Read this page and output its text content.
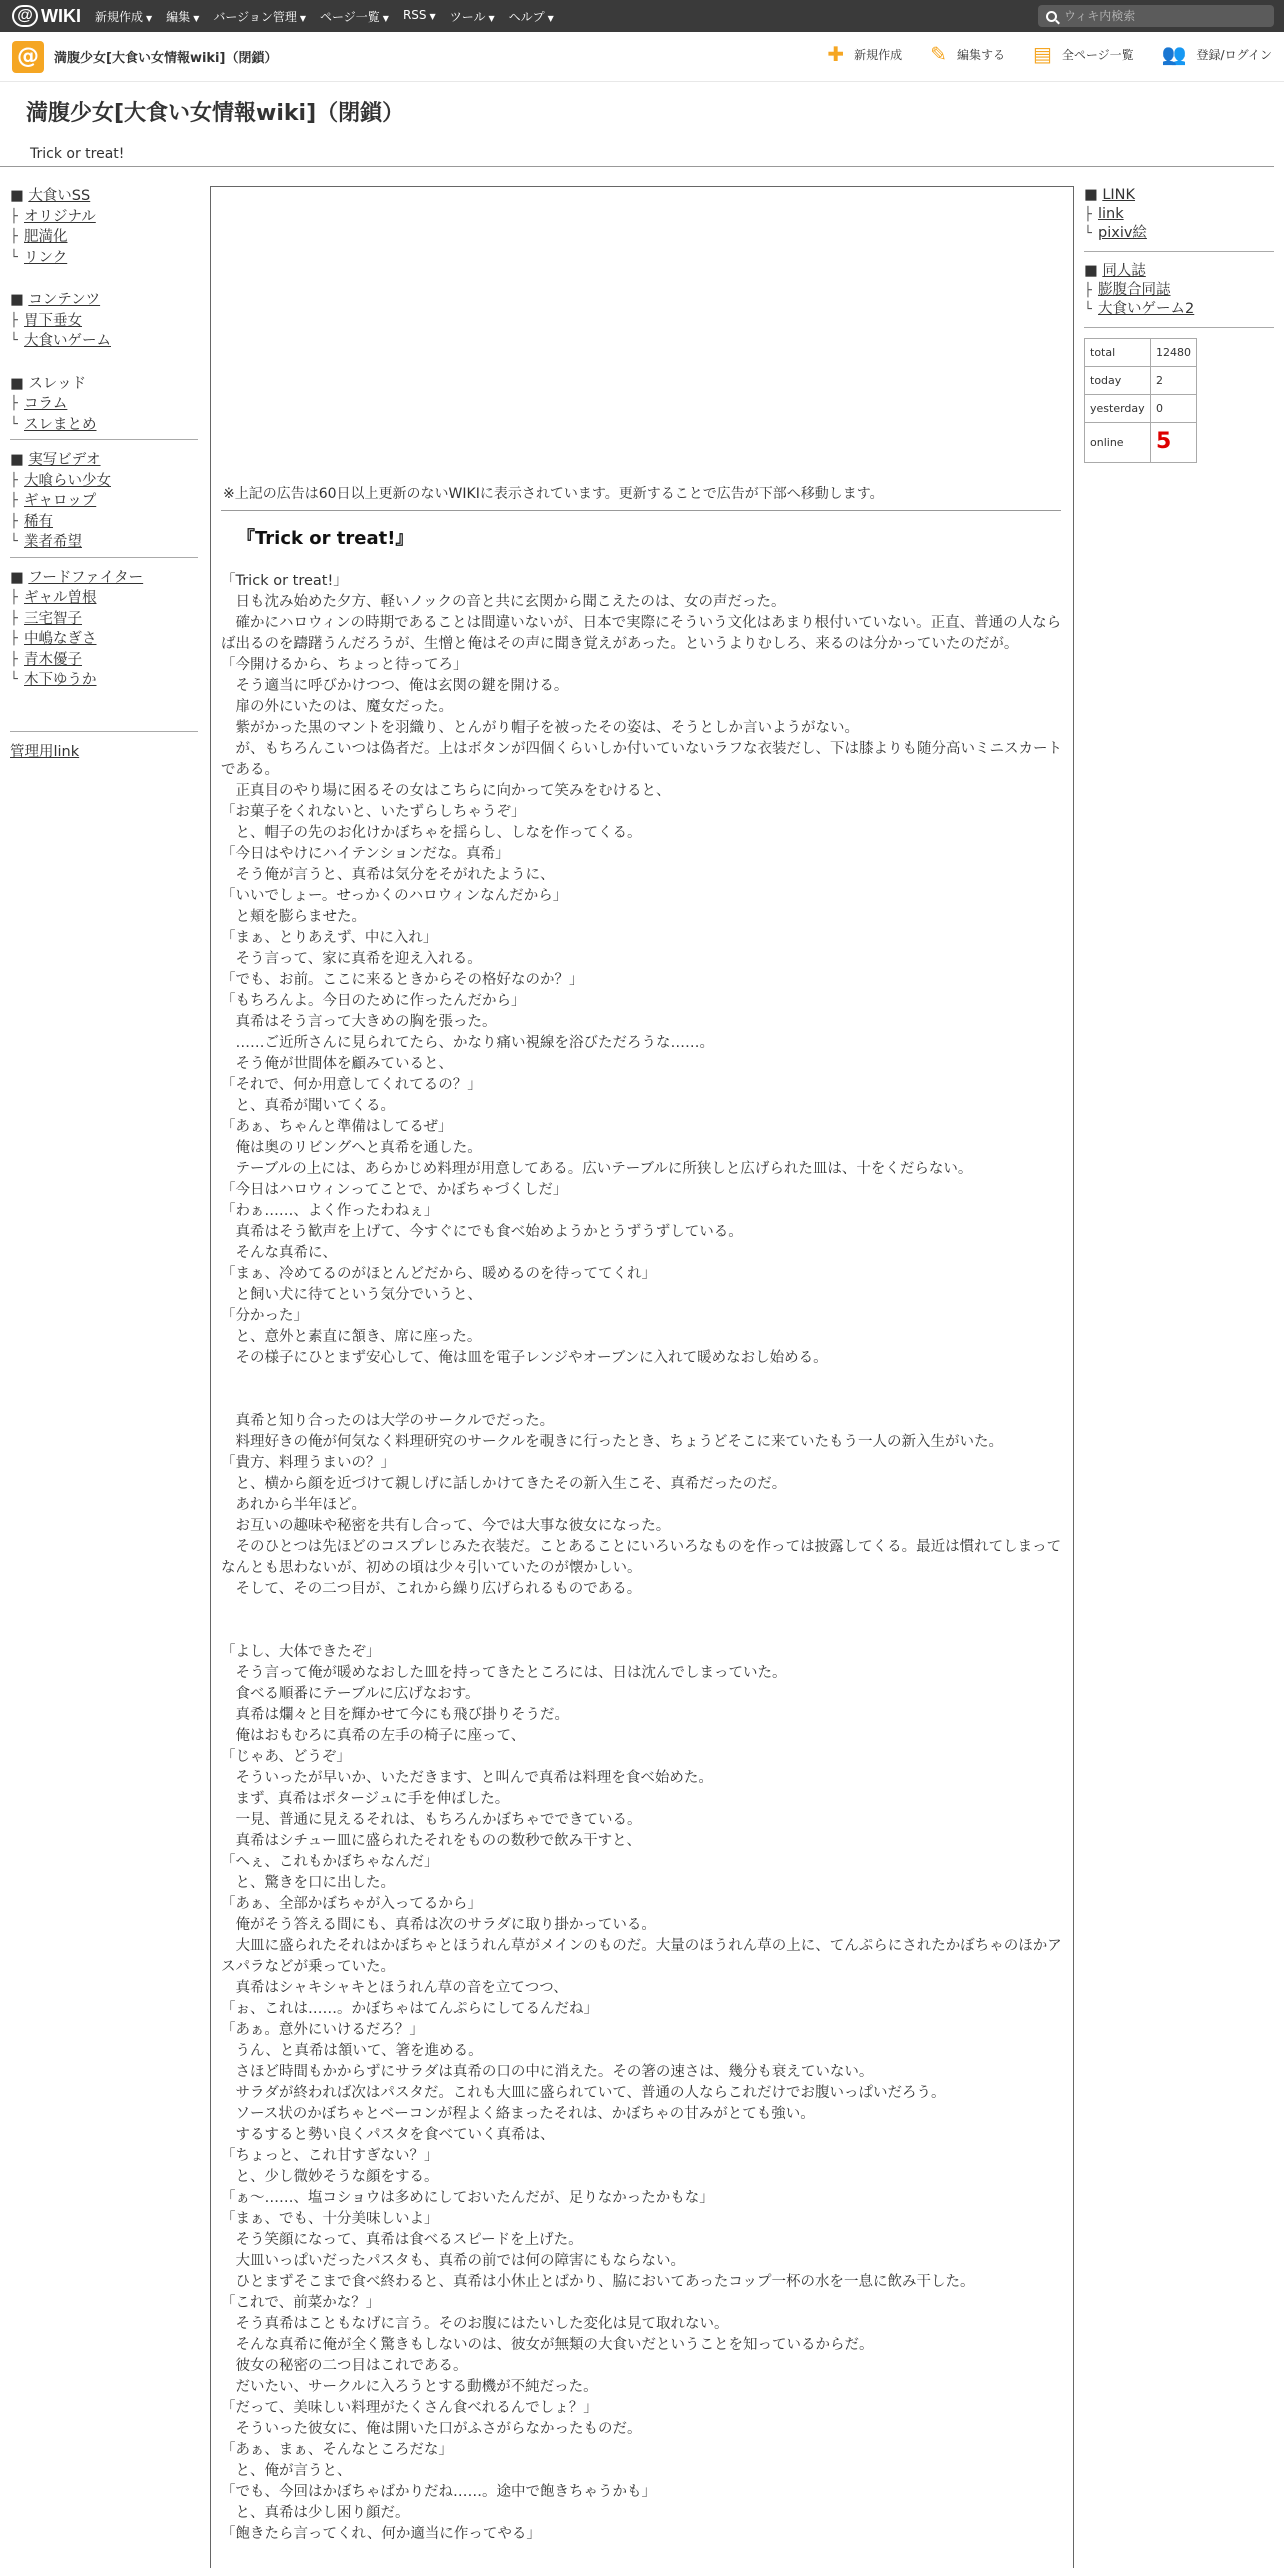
@ WIKI 新規作成 ▼ 編集 ▼ バージョン管理 ▼ ページ一覧 ▼ RSS ▼ ツール ▼ ヘルプ ▼
ウィキ内検索
@	満腹少女[大食い女情報wiki]（閉鎖）	✚ 新規作成 ✎ 編集する ▤ 全ページ一覧 👥 登録/ログイン
満腹少女[大食い女情報wiki]（閉鎖）
Trick or treat!
■ 大食いSS
├ オリジナル
├ 肥満化
└ リンク
■ コンテンツ
├ 胃下垂女
└ 大食いゲーム
■ スレッド
├ コラム
└ スレまとめ
■ 実写ビデオ
├ 大喰らい少女
├ ギャロップ
├ 稀有
└ 業者希望
■ フードファイター
├ ギャル曽根
├ 三宅智子
├ 中嶋なぎさ
├ 青木優子
└ 木下ゆうか
管理用link
※上記の広告は60日以上更新のないWIKIに表示されています。更新することで広告が下部へ移動します。
『Trick or treat!』

「Trick or treat!」

　日も沈み始めた夕方、軽いノックの音と共に玄関から聞こえたのは、女の声だった。

　確かにハロウィンの時期であることは間違いないが、日本で実際にそういう文化はあまり根付いていない。正直、普通の人ならば出るのを躊躇うんだろうが、生憎と俺はその声に聞き覚えがあった。というよりむしろ、来るのは分かっていたのだが。

「今開けるから、ちょっと待ってろ」

　そう適当に呼びかけつつ、俺は玄関の鍵を開ける。

　扉の外にいたのは、魔女だった。

　紫がかった黒のマントを羽織り、とんがり帽子を被ったその姿は、そうとしか言いようがない。

　が、もちろんこいつは偽者だ。上はボタンが四個くらいしか付いていないラフな衣装だし、下は膝よりも随分高いミニスカートである。

　正真目のやり場に困るその女はこちらに向かって笑みをむけると、

「お菓子をくれないと、いたずらしちゃうぞ」

　と、帽子の先のお化けかぼちゃを揺らし、しなを作ってくる。

「今日はやけにハイテンションだな。真希」

　そう俺が言うと、真希は気分をそがれたように、

「いいでしょー。せっかくのハロウィンなんだから」

　と頬を膨らませた。

「まぁ、とりあえず、中に入れ」

　そう言って、家に真希を迎え入れる。

「でも、お前。ここに来るときからその格好なのか？」

「もちろんよ。今日のために作ったんだから」

　真希はそう言って大きめの胸を張った。

　……ご近所さんに見られてたら、かなり痛い視線を浴びただろうな……。

　そう俺が世間体を顧みていると、

「それで、何か用意してくれてるの？」

　と、真希が聞いてくる。

「あぁ、ちゃんと準備はしてるぜ」

　俺は奥のリビングへと真希を通した。

　テーブルの上には、あらかじめ料理が用意してある。広いテーブルに所狭しと広げられた皿は、十をくだらない。

「今日はハロウィンってことで、かぼちゃづくしだ」

「わぁ……、よく作ったわねぇ」

　真希はそう歓声を上げて、今すぐにでも食べ始めようかとうずうずしている。

　そんな真希に、

「まぁ、冷めてるのがほとんどだから、暖めるのを待っててくれ」

　と飼い犬に待てという気分でいうと、

「分かった」

　と、意外と素直に頷き、席に座った。

　その様子にひとまず安心して、俺は皿を電子レンジやオーブンに入れて暖めなおし始める。

　真希と知り合ったのは大学のサークルでだった。

　料理好きの俺が何気なく料理研究のサークルを覗きに行ったとき、ちょうどそこに来ていたもう一人の新入生がいた。

「貴方、料理うまいの？」

　と、横から顔を近づけて親しげに話しかけてきたその新入生こそ、真希だったのだ。

　あれから半年ほど。

　お互いの趣味や秘密を共有し合って、今では大事な彼女になった。

　そのひとつは先ほどのコスプレじみた衣装だ。ことあることにいろいろなものを作っては披露してくる。最近は慣れてしまってなんとも思わないが、初めの頃は少々引いていたのが懐かしい。

　そして、その二つ目が、これから繰り広げられるものである。

「よし、大体できたぞ」

　そう言って俺が暖めなおした皿を持ってきたところには、日は沈んでしまっていた。

　食べる順番にテーブルに広げなおす。

　真希は爛々と目を輝かせて今にも飛び掛りそうだ。

　俺はおもむろに真希の左手の椅子に座って、

「じゃあ、どうぞ」

　そういったが早いか、いただきます、と叫んで真希は料理を食べ始めた。

　まず、真希はポタージュに手を伸ばした。

　一見、普通に見えるそれは、もちろんかぼちゃでできている。

　真希はシチュー皿に盛られたそれをものの数秒で飲み干すと、

「へぇ、これもかぼちゃなんだ」

　と、驚きを口に出した。

「あぁ、全部かぼちゃが入ってるから」

　俺がそう答える間にも、真希は次のサラダに取り掛かっている。

　大皿に盛られたそれはかぼちゃとほうれん草がメインのものだ。大量のほうれん草の上に、てんぷらにされたかぼちゃのほかアスパラなどが乗っていた。

　真希はシャキシャキとほうれん草の音を立てつつ、

「ぉ、これは……。かぼちゃはてんぷらにしてるんだね」

「あぁ。意外にいけるだろ？」

　うん、と真希は頷いて、箸を進める。

　さほど時間もかからずにサラダは真希の口の中に消えた。その箸の速さは、幾分も衰えていない。

　サラダが終われば次はパスタだ。これも大皿に盛られていて、普通の人ならこれだけでお腹いっぱいだろう。

　ソース状のかぼちゃとベーコンが程よく絡まったそれは、かぼちゃの甘みがとても強い。

　するすると勢い良くパスタを食べていく真希は、

「ちょっと、これ甘すぎない？」

　と、少し微妙そうな顔をする。

「ぁ～……、塩コショウは多めにしておいたんだが、足りなかったかもな」

「まぁ、でも、十分美味しいよ」

　そう笑顔になって、真希は食べるスピードを上げた。

　大皿いっぱいだったパスタも、真希の前では何の障害にもならない。

　ひとまずそこまで食べ終わると、真希は小休止とばかり、脇においてあったコップ一杯の水を一息に飲み干した。

「これで、前菜かな？」

　そう真希はこともなげに言う。そのお腹にはたいした変化は見て取れない。

　そんな真希に俺が全く驚きもしないのは、彼女が無類の大食いだということを知っているからだ。

　彼女の秘密の二つ目はこれである。

　だいたい、サークルに入ろうとする動機が不純だった。

「だって、美味しい料理がたくさん食べれるんでしょ？」

　そういった彼女に、俺は開いた口がふさがらなかったものだ。

「あぁ、まぁ、そんなところだな」

　と、俺が言うと、

「でも、今回はかぼちゃばかりだね……。途中で飽きちゃうかも」

　と、真希は少し困り顔だ。

「飽きたら言ってくれ、何か適当に作ってやる」

■ LINK
├ link
└ pixiv絵
■ 同人誌
├ 膨腹合同誌
└ 大食いゲーム2
total	12480
today	2
yesterday	0
online	5
